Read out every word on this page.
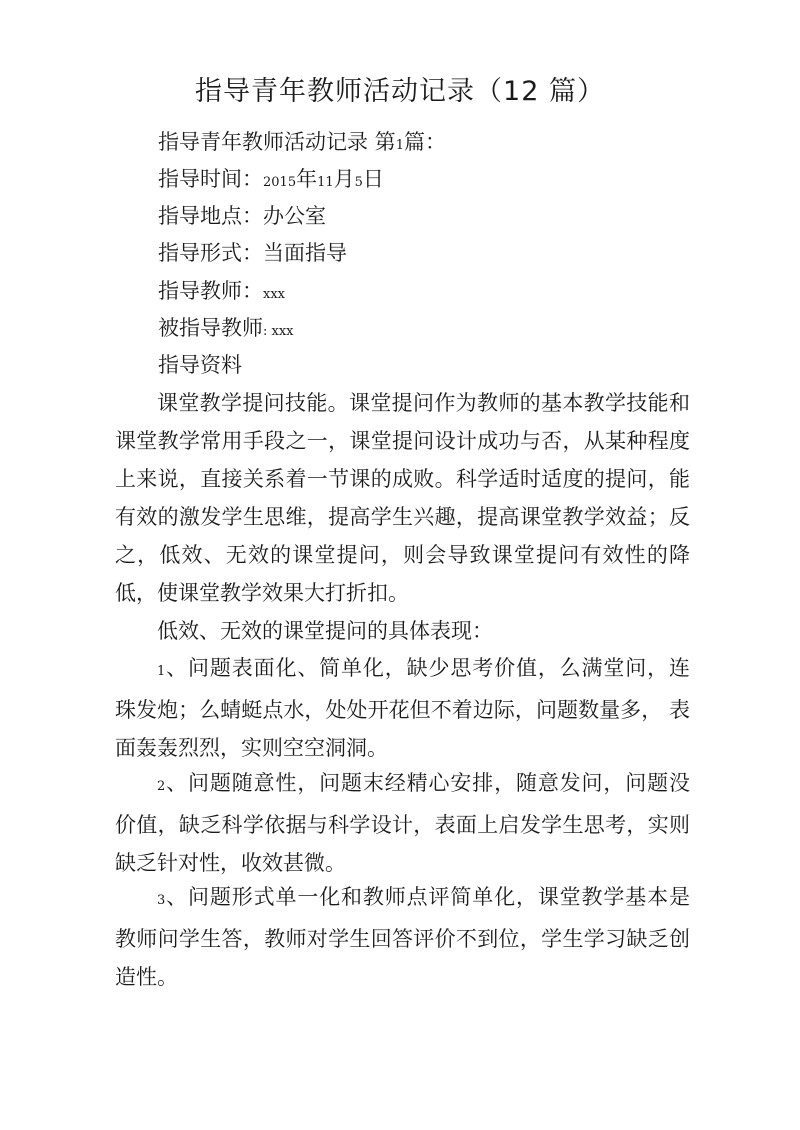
指导青年教师活动记录（12 篇）
指导青年教师活动记录 第1篇：
指导时间：2015年11月5日
指导地点：办公室
指导形式：当面指导
指导教师：xxx
被指导教师: xxx
指导资料

课堂教学提问技能。课堂提问作为教师的基本教学技能和课堂教学常用手段之一，课堂提问设计成功与否，从某种程度上来说，直接关系着一节课的成败。科学适时适度的提问，能有效的激发学生思维，提高学生兴趣，提高课堂教学效益；反之，低效、无效的课堂提问，则会导致课堂提问有效性的降低，使课堂教学效果大打折扣。

低效、无效的课堂提问的具体表现：

1、问题表面化、简单化，缺少思考价值，么满堂问，连珠发炮；么蜻蜓点水，处处开花但不着边际，问题数量多， 表面轰轰烈烈，实则空空洞洞。

2、问题随意性，问题末经精心安排，随意发问，问题没价值，缺乏科学依据与科学设计，表面上启发学生思考，实则缺乏针对性，收效甚微。

3、问题形式单一化和教师点评简单化，课堂教学基本是教师问学生答，教师对学生回答评价不到位，学生学习缺乏创造性。
